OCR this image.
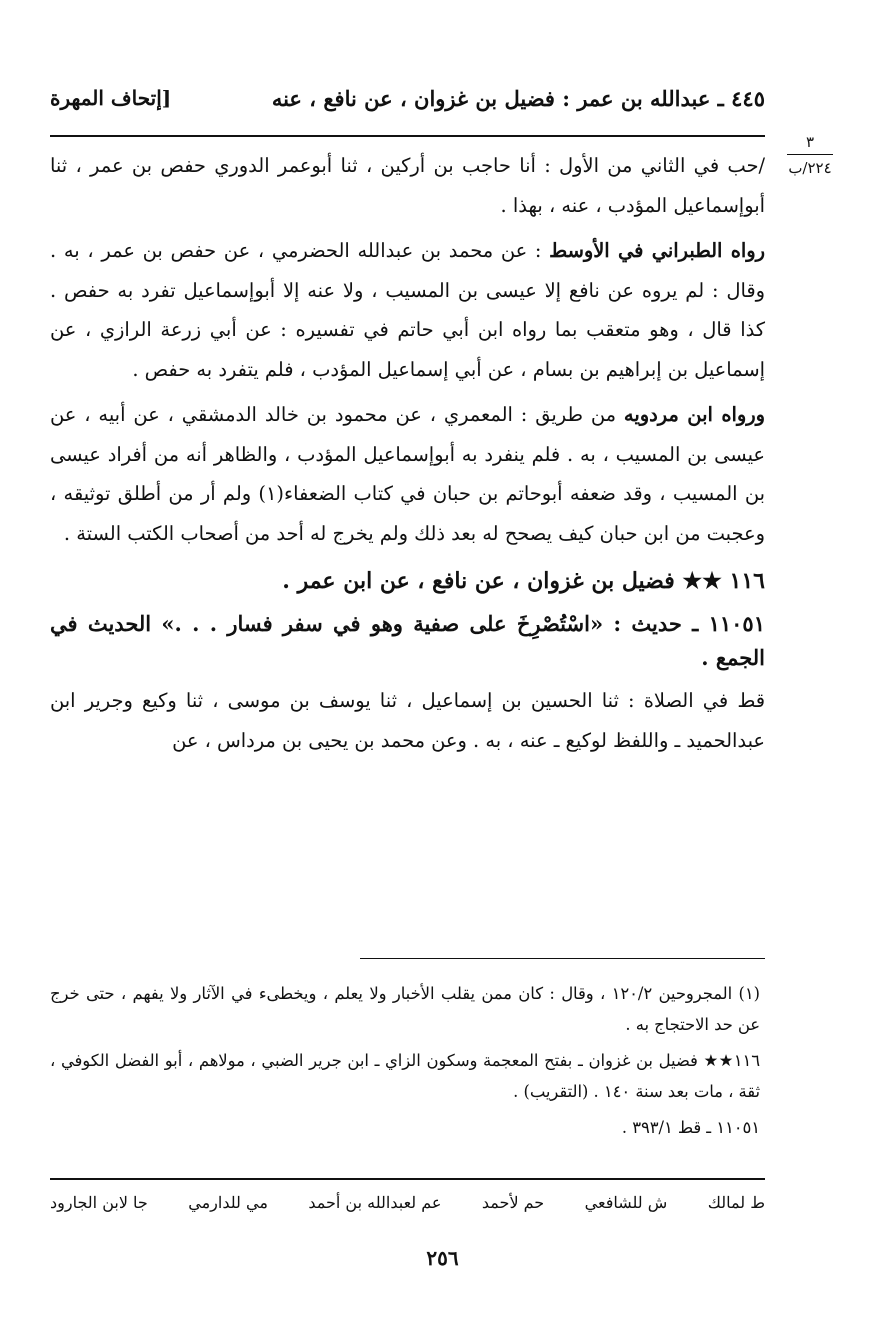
٤٤٥ ـ عبدالله بن عمر : فضيل بن غزوان ، عن نافع ، عنه
[إتحاف المهرة
٣
٢٢٤/ب

/حب في الثاني من الأول : أنا حاجب بن أركين ، ثنا أبوعمر الدوري حفص بن عمر ، ثنا أبوإسماعيل المؤدب ، عنه ، بهذا .

رواه الطبراني في الأوسط : عن محمد بن عبدالله الحضرمي ، عن حفص بن عمر ، به . وقال : لم يروه عن نافع إلا عيسى بن المسيب ، ولا عنه إلا أبوإسماعيل تفرد به حفص . كذا قال ، وهو متعقب بما رواه ابن أبي حاتم في تفسيره : عن أبي زرعة الرازي ، عن إسماعيل بن إبراهيم بن بسام ، عن أبي إسماعيل المؤدب ، فلم يتفرد به حفص .

ورواه ابن مردويه من طريق : المعمري ، عن محمود بن خالد الدمشقي ، عن أبيه ، عن عيسى بن المسيب ، به . فلم ينفرد به أبوإسماعيل المؤدب ، والظاهر أنه من أفراد عيسى بن المسيب ، وقد ضعفه أبوحاتم بن حبان في كتاب الضعفاء(١) ولم أر من أطلق توثيقه ، وعجبت من ابن حبان كيف يصحح له بعد ذلك ولم يخرج له أحد من أصحاب الكتب الستة .

١١٦ ★★ فضيل بن غزوان ، عن نافع ، عن ابن عمر .

١١٠٥١ ـ حديث : «اسْتُصْرِخَ على صفية وهو في سفر فسار . . .» الحديث في الجمع .

قط في الصلاة : ثنا الحسين بن إسماعيل ، ثنا يوسف بن موسى ، ثنا وكيع وجرير ابن عبدالحميد ـ واللفظ لوكيع ـ عنه ، به . وعن محمد بن يحيى بن مرداس ، عن

(١) المجروحين ١٢٠/٢ ، وقال : كان ممن يقلب الأخبار ولا يعلم ، ويخطىء في الآثار ولا يفهم ، حتى خرج عن حد الاحتجاج به .

١١٦★★ فضيل بن غزوان ـ بفتح المعجمة وسكون الزاي ـ ابن جرير الضبي ، مولاهم ، أبو الفضل الكوفي ، ثقة ، مات بعد سنة ١٤٠ . (التقريب) .

١١٠٥١ ـ قط ٣٩٣/١ .

ط لمالك
ش للشافعي
حم لأحمد
عم لعبدالله بن أحمد
مي للدارمي
جا لابن الجارود
٢٥٦
